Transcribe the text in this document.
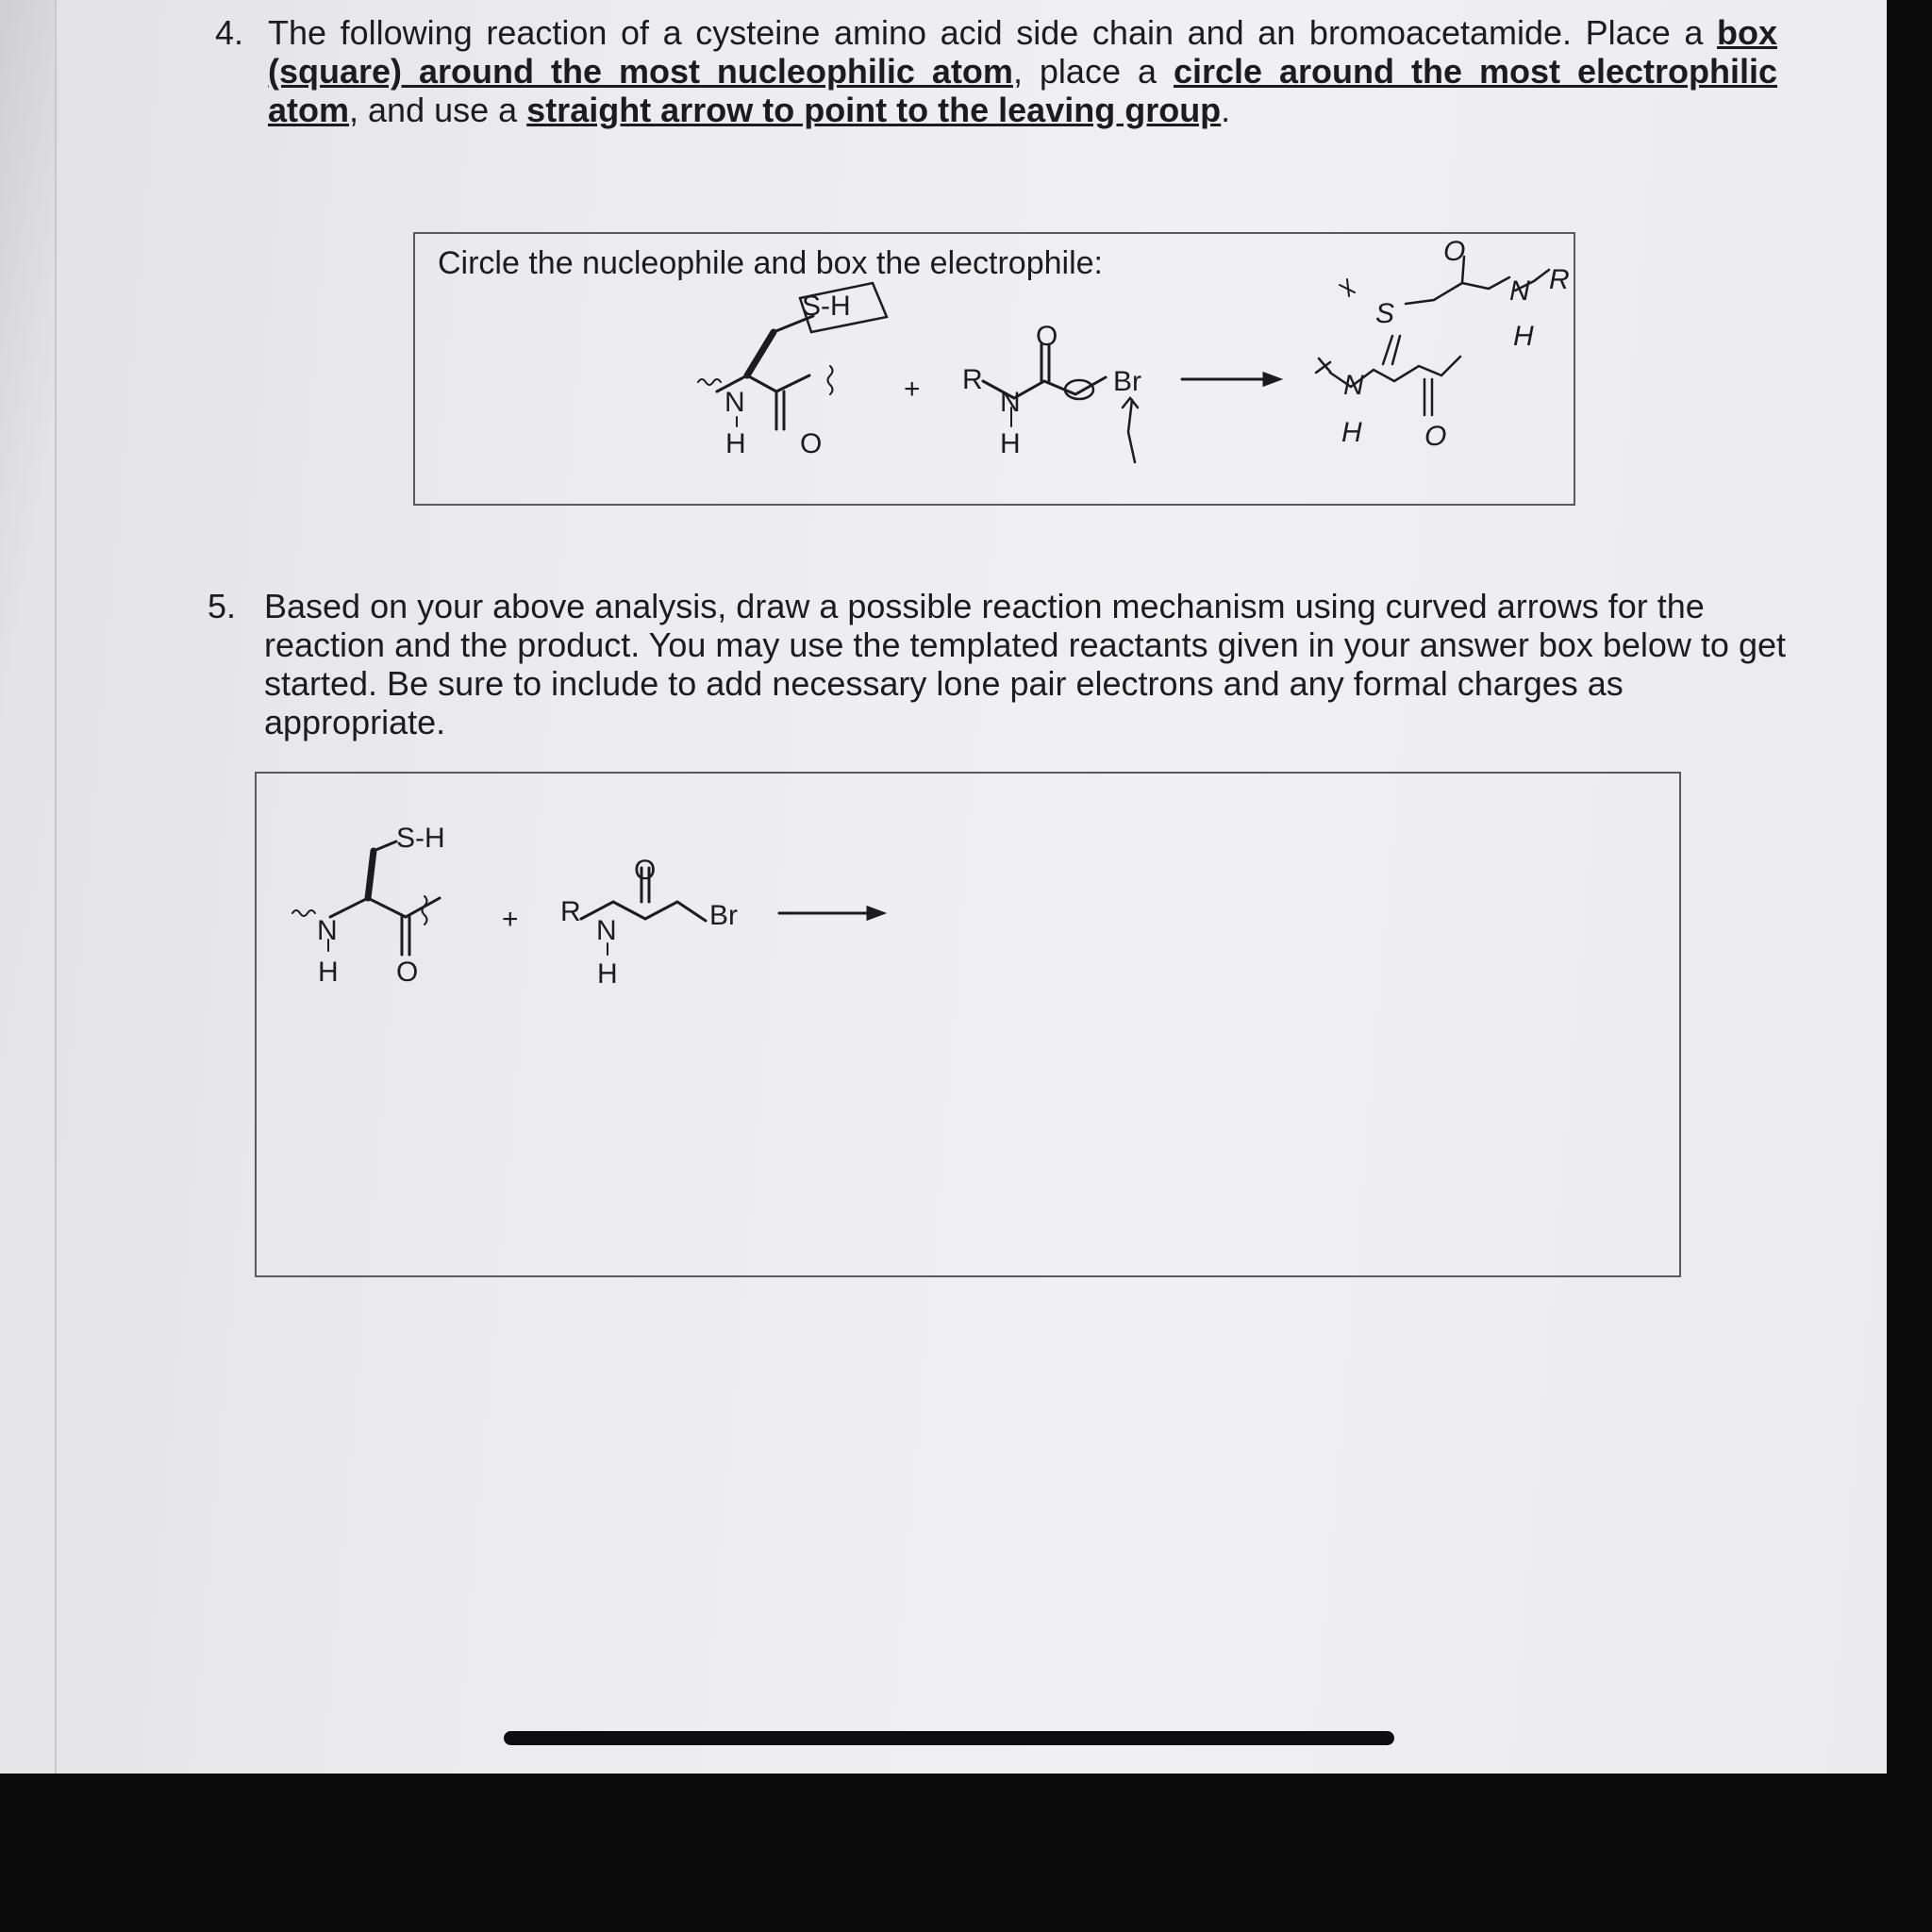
4. The following reaction of a cysteine amino acid side chain and an bromoacetamide. Place a box (square) around the most nucleophilic atom, place a circle around the most electrophilic atom, and use a straight arrow to point to the leaving group.
Circle the nucleophile and box the electrophile:
5. Based on your above analysis, draw a possible reaction mechanism using curved arrows for the reaction and the product. You may use the templated reactants given in your answer box below to get started. Be sure to include to add necessary lone pair electrons and any formal charges as appropriate.
S-H
N
H O
+ R
N
H
O
Br
S
O
N R
H
H O
N
S-H
N
H O
+ R
N
H
O
Br
